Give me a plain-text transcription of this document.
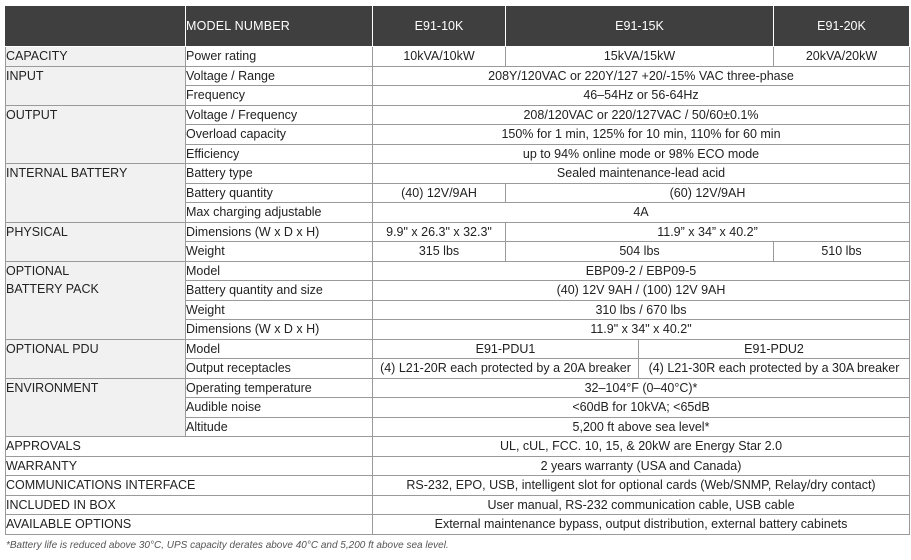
	MODEL NUMBER	E91-10K	E91-15K		E91-20K
CAPACITY	Power rating	10kVA/10kW	15kVA/15kW		20kVA/20kW
INPUT	Voltage / Range	208Y/120VAC or 220Y/127 +20/-15% VAC three-phase			
	Frequency	46–54Hz or 56-64Hz			
OUTPUT	Voltage / Frequency	208/120VAC or 220/127VAC / 50/60±0.1%			
	Overload capacity	150% for 1 min, 125% for 10 min, 110% for 60 min			
	Efficiency	up to 94% online mode or 98% ECO mode			
INTERNAL BATTERY	Battery type	Sealed maintenance-lead acid			
	Battery quantity	(40) 12V/9AH	(60) 12V/9AH		
	Max charging adjustable	4A			
PHYSICAL	Dimensions (W x D x H)	9.9" x 26.3" x 32.3"	11.9” x 34” x 40.2”		
	Weight	315 lbs	504 lbs		510 lbs

OPTIONAL
BATTERY PACK	Model	EBP09-2 / EBP09-5			
	Battery quantity and size	(40) 12V 9AH / (100) 12V 9AH			
	Weight	310 lbs / 670 lbs			
	Dimensions (W x D x H)	11.9" x 34" x 40.2"			
OPTIONAL PDU	Model	E91-PDU1		E91-PDU2	
	Output receptacles	(4) L21-20R each protected by a 20A breaker		(4) L21-30R each protected by a 30A breaker	
ENVIRONMENT	Operating temperature	32–104°F (0–40°C)*			
	Audible noise	<60dB for 10kVA; <65dB			
	Altitude	5,200 ft above sea level*			
APPROVALS		UL, cUL, FCC. 10, 15, & 20kW are Energy Star 2.0			
WARRANTY		2 years warranty (USA and Canada)			
COMMUNICATIONS INTERFACE		RS-232, EPO, USB, intelligent slot for optional cards (Web/SNMP, Relay/dry contact)			
INCLUDED IN BOX		User manual, RS-232 communication cable, USB cable			
AVAILABLE OPTIONS		External maintenance bypass, output distribution, external battery cabinets			
*Battery life is reduced above 30°C, UPS capacity derates above 40°C and 5,200 ft above sea level.
